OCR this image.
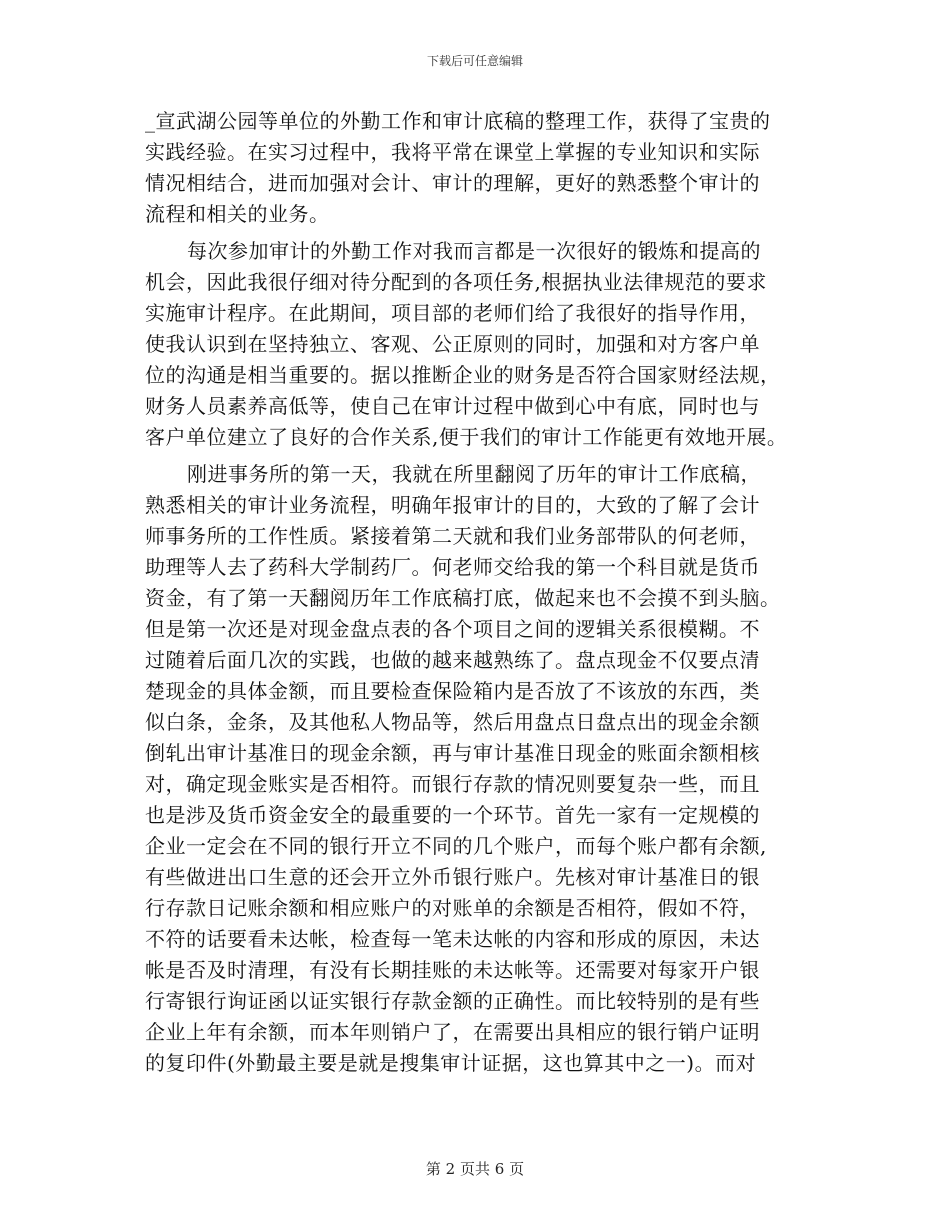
下载后可任意编辑
_宣武湖公园等单位的外勤工作和审计底稿的整理工作，获得了宝贵的
实践经验。在实习过程中，我将平常在课堂上掌握的专业知识和实际
情况相结合，进而加强对会计、审计的理解，更好的熟悉整个审计的
流程和相关的业务。
每次参加审计的外勤工作对我而言都是一次很好的锻炼和提高的
机会，因此我很仔细对待分配到的各项任务,根据执业法律规范的要求
实施审计程序。在此期间，项目部的老师们给了我很好的指导作用，
使我认识到在坚持独立、客观、公正原则的同时，加强和对方客户单
位的沟通是相当重要的。据以推断企业的财务是否符合国家财经法规，
财务人员素养高低等，使自己在审计过程中做到心中有底，同时也与
客户单位建立了良好的合作关系,便于我们的审计工作能更有效地开展。
刚进事务所的第一天，我就在所里翻阅了历年的审计工作底稿，
熟悉相关的审计业务流程，明确年报审计的目的，大致的了解了会计
师事务所的工作性质。紧接着第二天就和我们业务部带队的何老师，
助理等人去了药科大学制药厂。何老师交给我的第一个科目就是货币
资金，有了第一天翻阅历年工作底稿打底，做起来也不会摸不到头脑。
但是第一次还是对现金盘点表的各个项目之间的逻辑关系很模糊。不
过随着后面几次的实践，也做的越来越熟练了。盘点现金不仅要点清
楚现金的具体金额，而且要检查保险箱内是否放了不该放的东西，类
似白条，金条，及其他私人物品等，然后用盘点日盘点出的现金余额
倒轧出审计基准日的现金余额，再与审计基准日现金的账面余额相核
对，确定现金账实是否相符。而银行存款的情况则要复杂一些，而且
也是涉及货币资金安全的最重要的一个环节。首先一家有一定规模的
企业一定会在不同的银行开立不同的几个账户，而每个账户都有余额,
有些做进出口生意的还会开立外币银行账户。先核对审计基准日的银
行存款日记账余额和相应账户的对账单的余额是否相符，假如不符，
不符的话要看未达帐，检查每一笔未达帐的内容和形成的原因，未达
帐是否及时清理，有没有长期挂账的未达帐等。还需要对每家开户银
行寄银行询证函以证实银行存款金额的正确性。而比较特别的是有些
企业上年有余额，而本年则销户了，在需要出具相应的银行销户证明
的复印件(外勤最主要是就是搜集审计证据，这也算其中之一)。而对
第 2 页共 6 页
